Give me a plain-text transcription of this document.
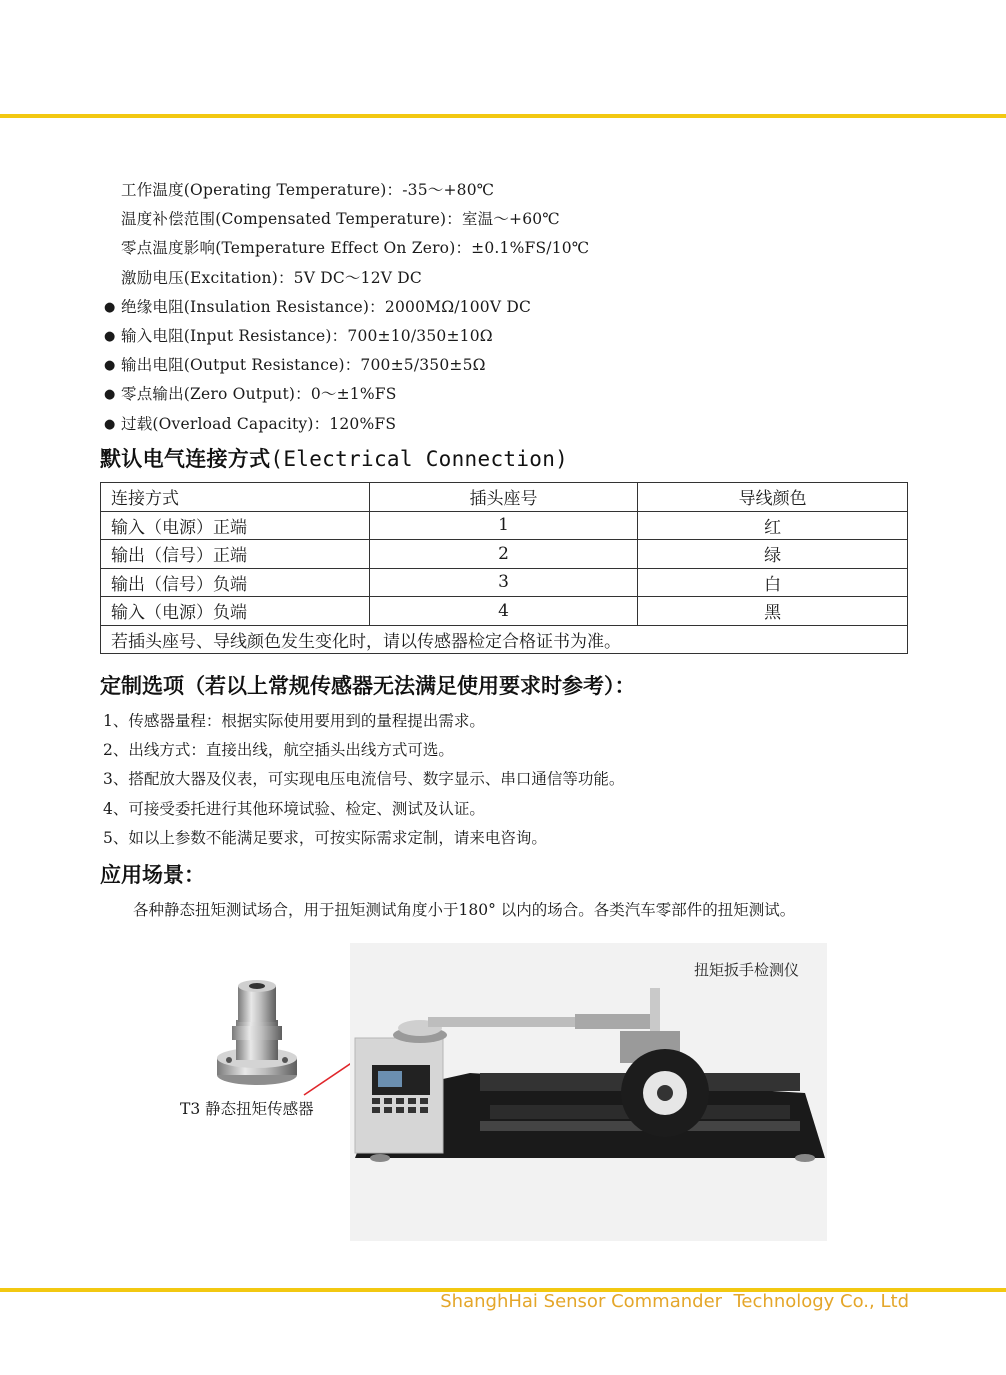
工作温度(Operating Temperature)：-35～+80℃
温度补偿范围(Compensated Temperature)：室温～+60℃
零点温度影响(Temperature Effect On Zero)：±0.1%FS/10℃
激励电压(Excitation)：5V DC～12V DC
● 绝缘电阻(Insulation Resistance)：2000MΩ/100V DC
● 输入电阻(Input Resistance)：700±10/350±10Ω
● 输出电阻(Output Resistance)：700±5/350±5Ω
● 零点输出(Zero Output)：0～±1%FS
● 过载(Overload Capacity)：120%FS
默认电气连接方式(Electrical Connection)
连接方式	插头座号	导线颜色
输入（电源）正端	1	红
输出（信号）正端	2	绿
输出（信号）负端	3	白
输入（电源）负端	4	黑
若插头座号、导线颜色发生变化时，请以传感器检定合格证书为准。		
定制选项（若以上常规传感器无法满足使用要求时参考）：
1、传感器量程：根据实际使用要用到的量程提出需求。
2、出线方式：直接出线，航空插头出线方式可选。
3、搭配放大器及仪表，可实现电压电流信号、数字显示、串口通信等功能。
4、可接受委托进行其他环境试验、检定、测试及认证。
5、如以上参数不能满足要求，可按实际需求定制，请来电咨询。
应用场景：
各种静态扭矩测试场合，用于扭矩测试角度小于180° 以内的场合。各类汽车零部件的扭矩测试。
T3 静态扭矩传感器
扭矩扳手检测仪
ShanghHai Sensor Commander  Technology Co., Ltd
